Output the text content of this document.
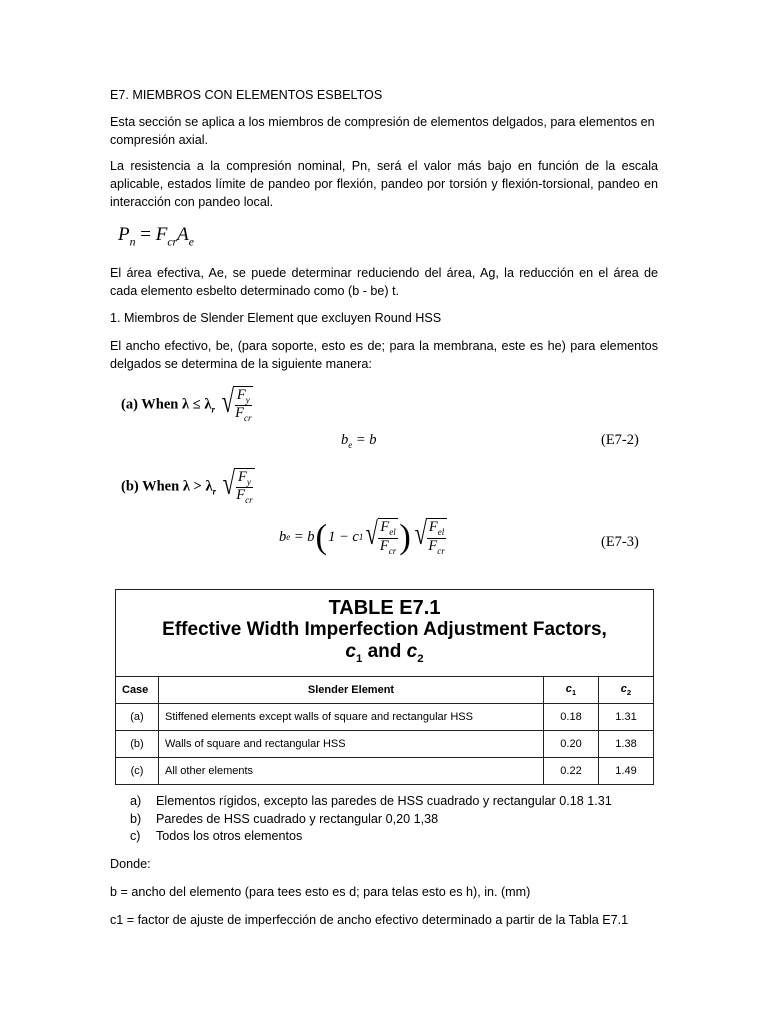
E7. MIEMBROS CON ELEMENTOS ESBELTOS
Esta sección se aplica a los miembros de compresión de elementos delgados, para elementos en compresión axial.
La resistencia a la compresión nominal, Pn, será el valor más bajo en función de la escala aplicable, estados límite de pandeo por flexión, pandeo por torsión y flexión-torsional, pandeo en interacción con pandeo local.
$P_n = F_{cr}A_e$
El área efectiva, Ae, se puede determinar reduciendo del área, Ag, la reducción en el área de cada elemento esbelto determinado como (b - be) t.
1. Miembros de Slender Element que excluyen Round HSS
El ancho efectivo, be, (para soporte, esto es de; para la membrana, este es he) para elementos delgados se determina de la siguiente manera:
(a) When $\lambda \le \lambda_r$ √ $\frac{F_y}{F_{cr}}$
$b_e = b$	(E7-2)
(b) When $\lambda > \lambda_r$ √ $\frac{F_y}{F_{cr}}$
b e
= b ( 1 − c 1 √ $\frac{F_{el}}{F_{cr}}$ ) √ $\frac{F_{el}}{F_{cr}}$	(E7-3)
TABLE E7.1
Effective Width Imperfection Adjustment Factors,
$c_1$ and $c_2$

Case	Slender Element	$c_1$	$c_2$
(a)	Stiffened elements except walls of square and rectangular HSS	0.18	1.31
(b)	Walls of square and rectangular HSS	0.20	1.38
(c)	All other elements	0.22	1.49
a) Elementos rígidos, excepto las paredes de HSS cuadrado y rectangular 0.18 1.31
b) Paredes de HSS cuadrado y rectangular 0,20 1,38
c) Todos los otros elementos
Donde:
b = ancho del elemento (para tees esto es d; para telas esto es h), in. (mm)
c1 = factor de ajuste de imperfección de ancho efectivo determinado a partir de la Tabla E7.1
